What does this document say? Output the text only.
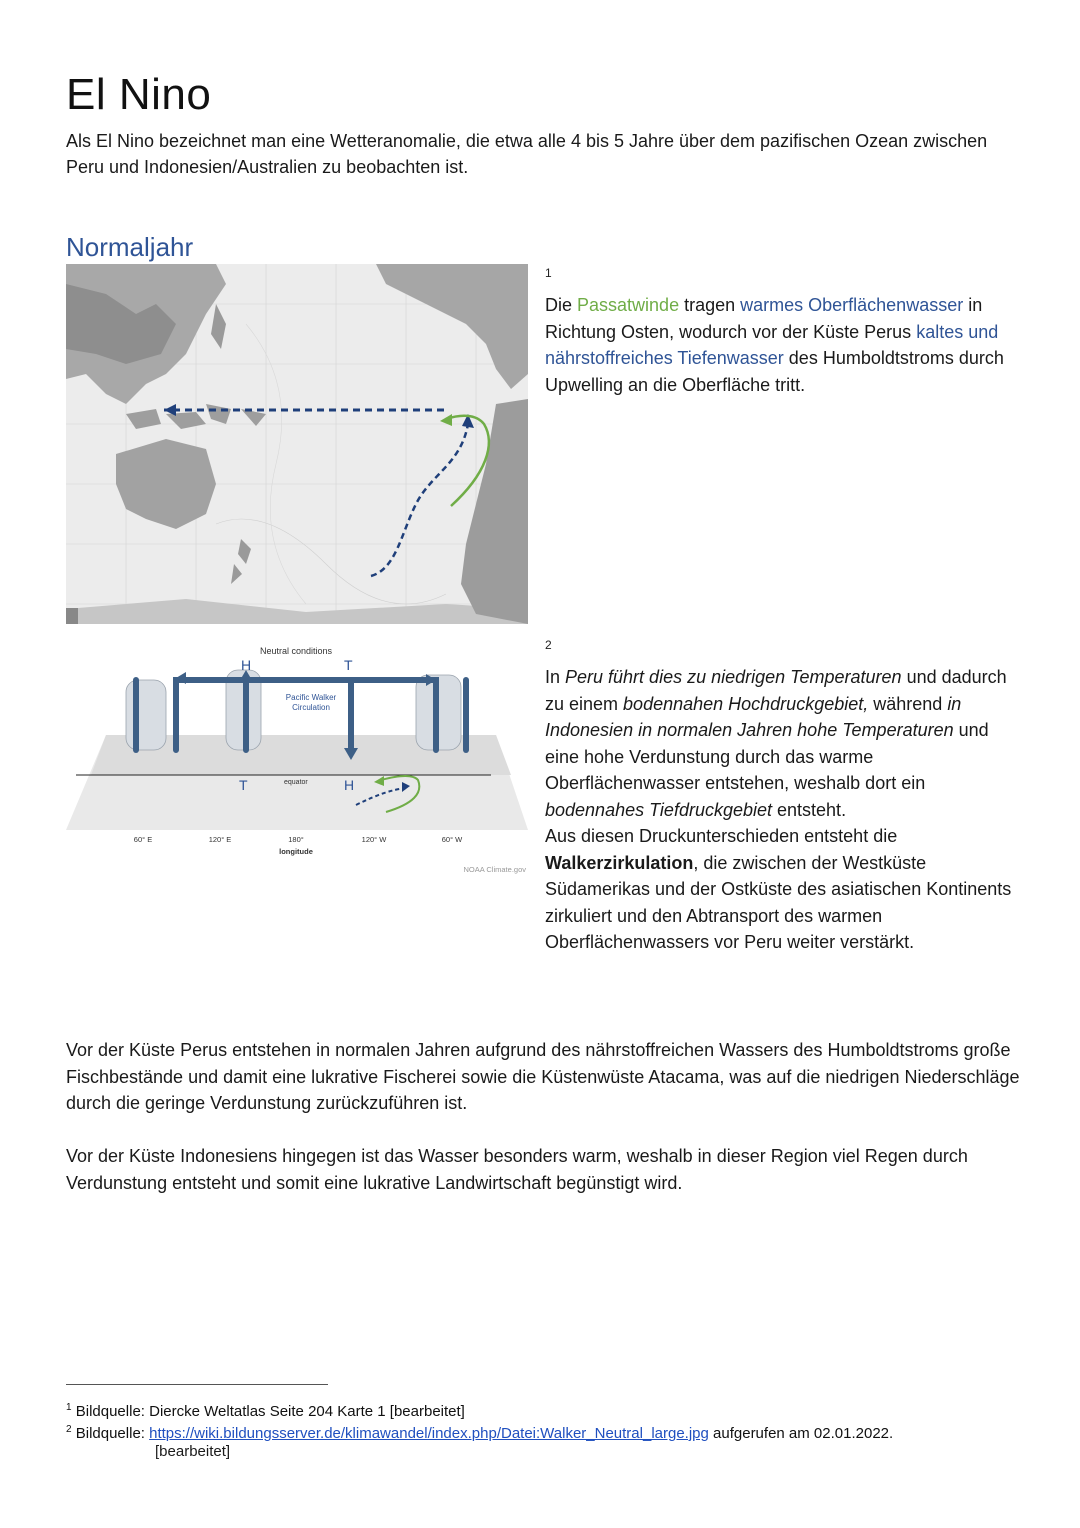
El Nino

Als El Nino bezeichnet man eine Wetteranomalie, die etwa alle 4 bis 5 Jahre über dem pazifischen Ozean zwischen Peru und Indonesien/Australien zu beobachten ist.

Normaljahr
1
Neutral conditions
H	T
Pacific Walker
Circulation
T	H
equator
60° E	120° E	180°	120° W	60° W
longitude
NOAA Climate.gov
2

Die Passatwinde tragen warmes Oberflächenwasser in Richtung Osten, wodurch vor der Küste Perus kaltes und nährstoffreiches Tiefenwasser des Humboldtstroms durch Upwelling an die Oberfläche tritt.

In Peru führt dies zu niedrigen Temperaturen und dadurch zu einem bodennahen Hochdruckgebiet, während in Indonesien in normalen Jahren hohe Temperaturen und eine hohe Verdunstung durch das warme Oberflächenwasser entstehen, weshalb dort ein bodennahes Tiefdruckgebiet entsteht.
Aus diesen Druckunterschieden entsteht die Walkerzirkulation, die zwischen der Westküste Südamerikas und der Ostküste des asiatischen Kontinents zirkuliert und den Abtransport des warmen Oberflächenwassers vor Peru weiter verstärkt.

Vor der Küste Perus entstehen in normalen Jahren aufgrund des nährstoffreichen Wassers des Humboldtstroms große Fischbestände und damit eine lukrative Fischerei sowie die Küstenwüste Atacama, was auf die niedrigen Niederschläge durch die geringe Verdunstung zurückzuführen ist.

Vor der Küste Indonesiens hingegen ist das Wasser besonders warm, weshalb in dieser Region viel Regen durch Verdunstung entsteht und somit eine lukrative Landwirtschaft begünstigt wird.

$^1$ Bildquelle: Diercke Weltatlas Seite 204 Karte 1 [bearbeitet]
$^2$ Bildquelle: https://wiki.bildungsserver.de/klimawandel/index.php/Datei:Walker_Neutral_large.jpg aufgerufen am 02.01.2022.
[bearbeitet]
